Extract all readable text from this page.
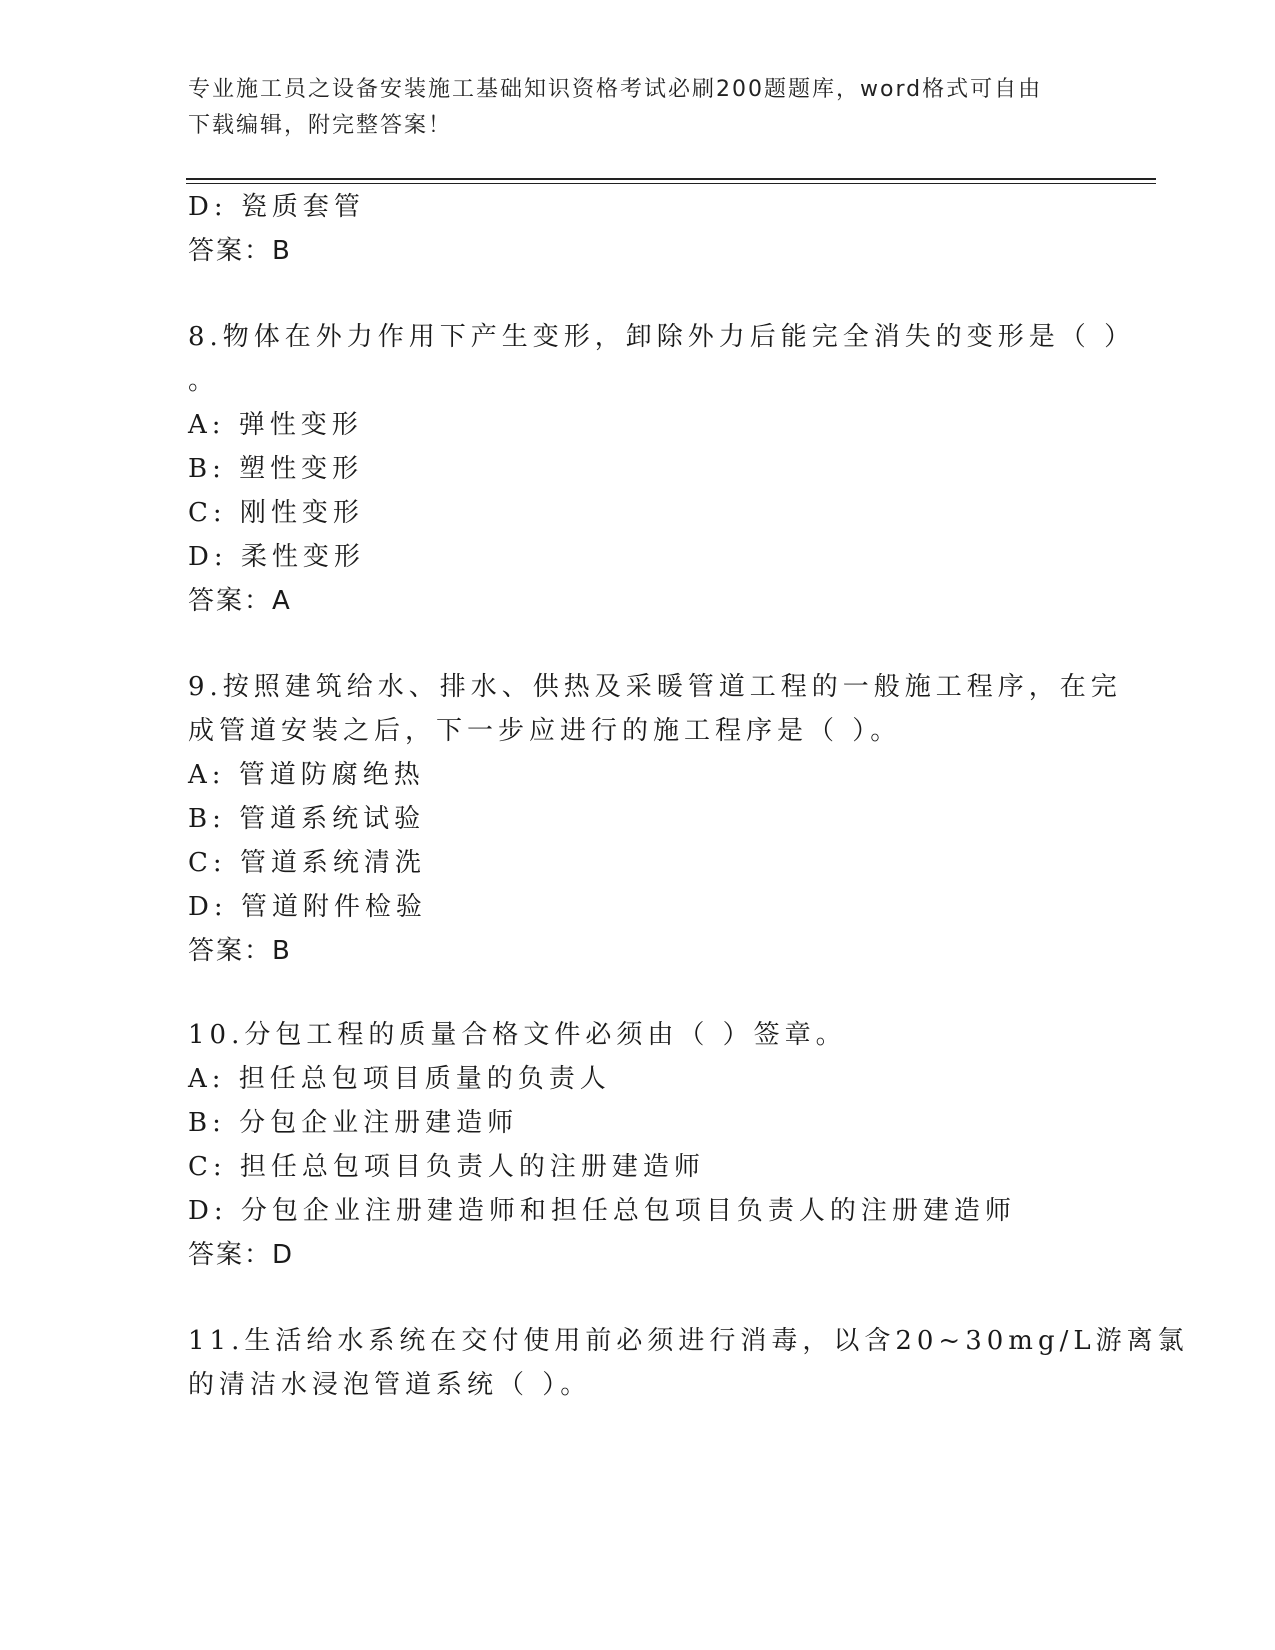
专业施工员之设备安装施工基础知识资格考试必刷200题题库，word格式可自由
下载编辑，附完整答案！
D: 瓷质套管
答案：B
8.物体在外力作用下产生变形，卸除外力后能完全消失的变形是（ ）
。
A: 弹性变形
B: 塑性变形
C: 刚性变形
D: 柔性变形
答案：A
9.按照建筑给水、排水、供热及采暖管道工程的一般施工程序，在完
成管道安装之后，下一步应进行的施工程序是（ ）。
A: 管道防腐绝热
B: 管道系统试验
C: 管道系统清洗
D: 管道附件检验
答案：B
10.分包工程的质量合格文件必须由（ ）签章。
A: 担任总包项目质量的负责人
B: 分包企业注册建造师
C: 担任总包项目负责人的注册建造师
D: 分包企业注册建造师和担任总包项目负责人的注册建造师
答案：D
11.生活给水系统在交付使用前必须进行消毒，以含20~30mg/L游离氯
的清洁水浸泡管道系统（ ）。
